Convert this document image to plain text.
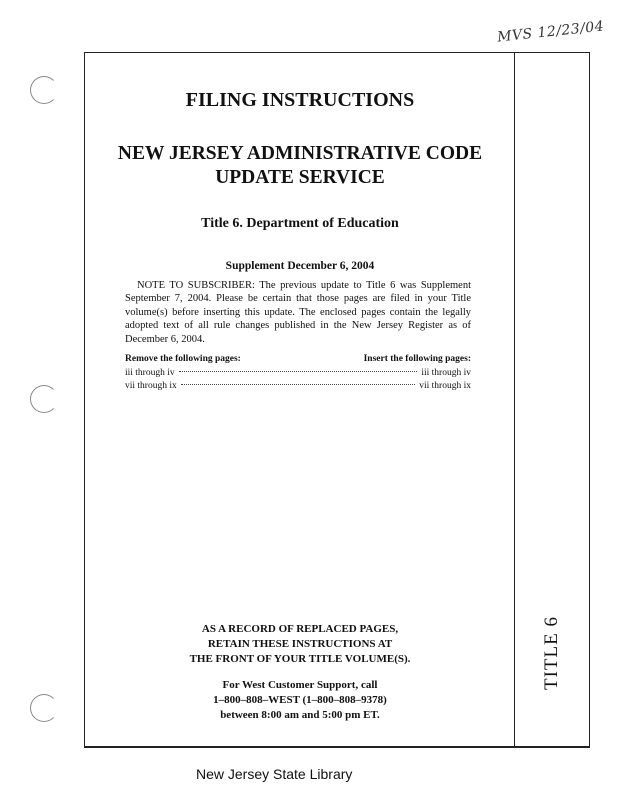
MVS 12/23/04
TITLE 6
FILING INSTRUCTIONS
NEW JERSEY ADMINISTRATIVE CODE
UPDATE SERVICE
Title 6. Department of Education
Supplement December 6, 2004
NOTE TO SUBSCRIBER: The previous update to Title 6 was Supplement September 7, 2004. Please be certain that those pages are filed in your Title volume(s) before inserting this update. The enclosed pages contain the legally adopted text of all rule changes published in the New Jersey Register as of December 6, 2004.
Remove the following pages:	Insert the following pages:
iii through iv	iii through iv
vii through ix	vii through ix
AS A RECORD OF REPLACED PAGES,
RETAIN THESE INSTRUCTIONS AT
THE FRONT OF YOUR TITLE VOLUME(S).
For West Customer Support, call
1–800–808–WEST (1–800–808–9378)
between 8:00 am and 5:00 pm ET.
New Jersey State Library
